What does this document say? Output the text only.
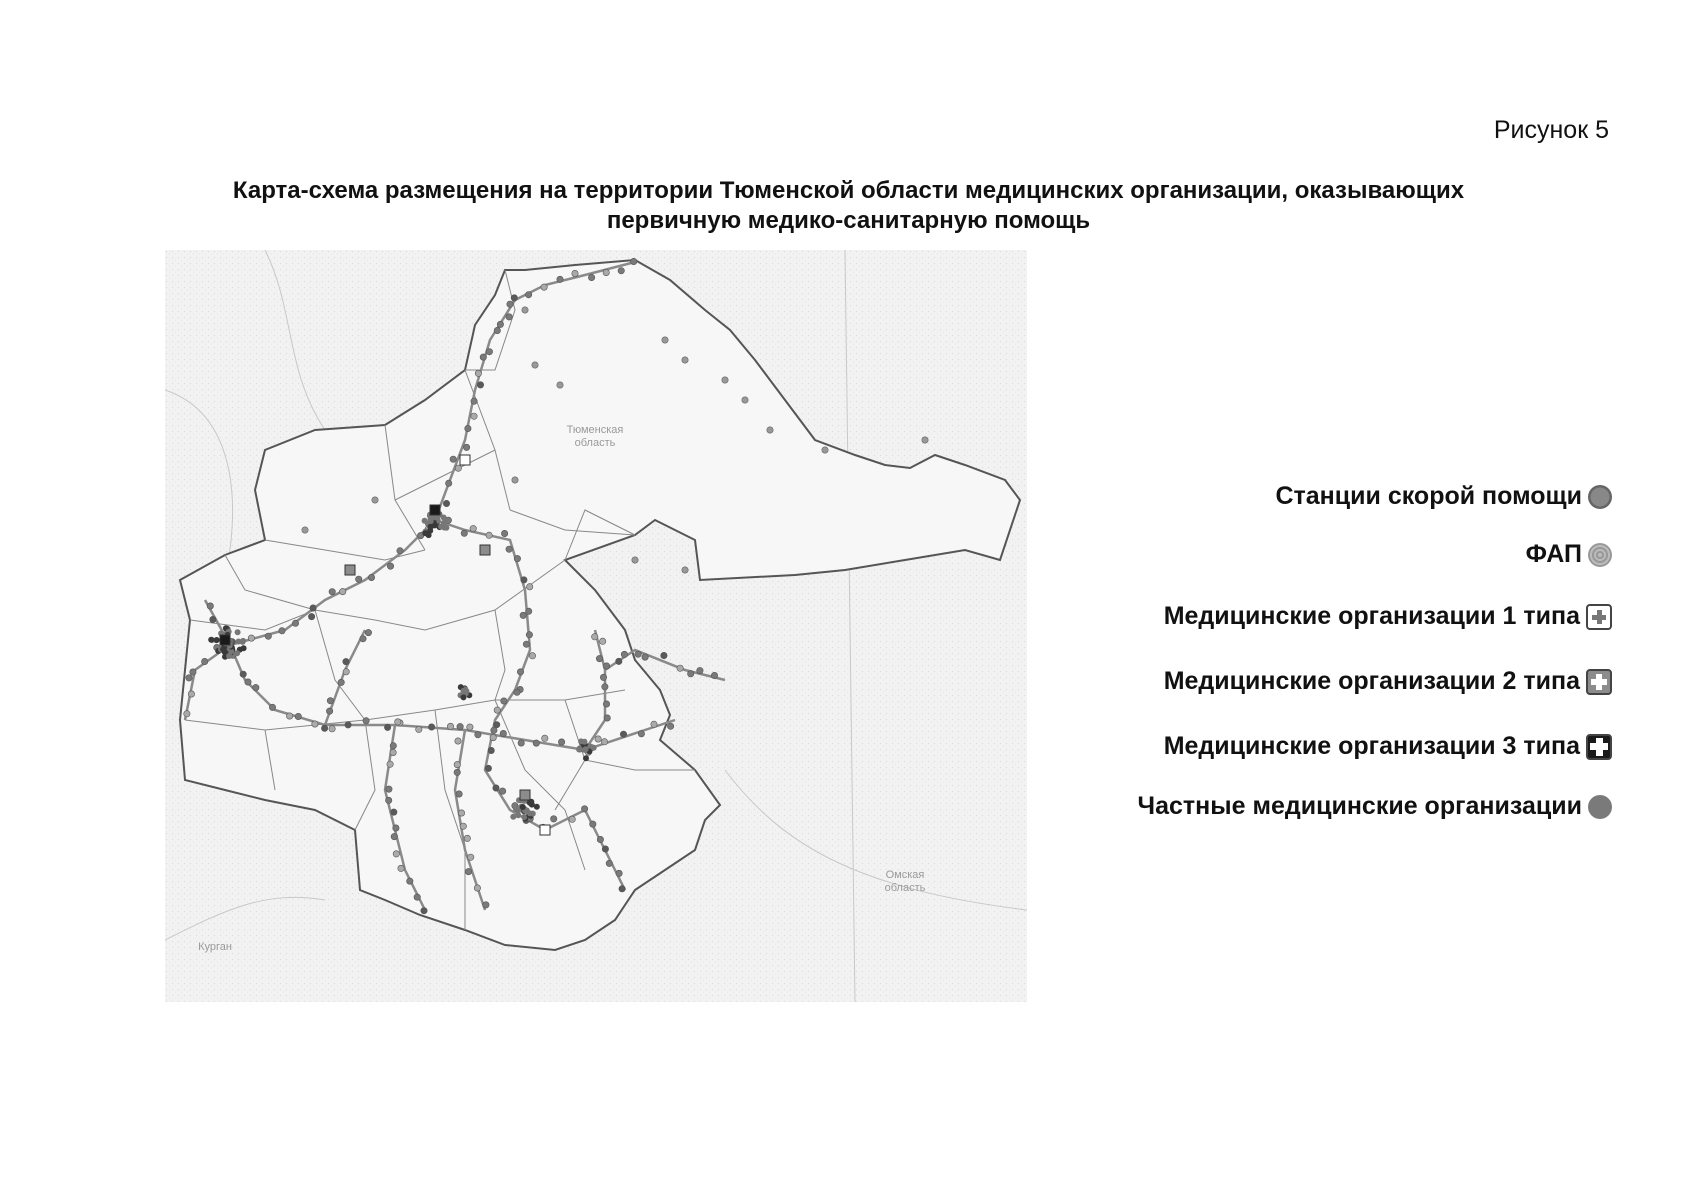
Рисунок 5
Карта-схема размещения на территории Тюменской области медицинских организации, оказывающих
первичную медико-санитарную помощь
Тюменская
область
Омская
область
Курган
Станции скорой помощи
ФАП
Медицинские организации 1 типа
Медицинские организации 2 типа
Медицинские организации 3 типа
Частные медицинские организации
